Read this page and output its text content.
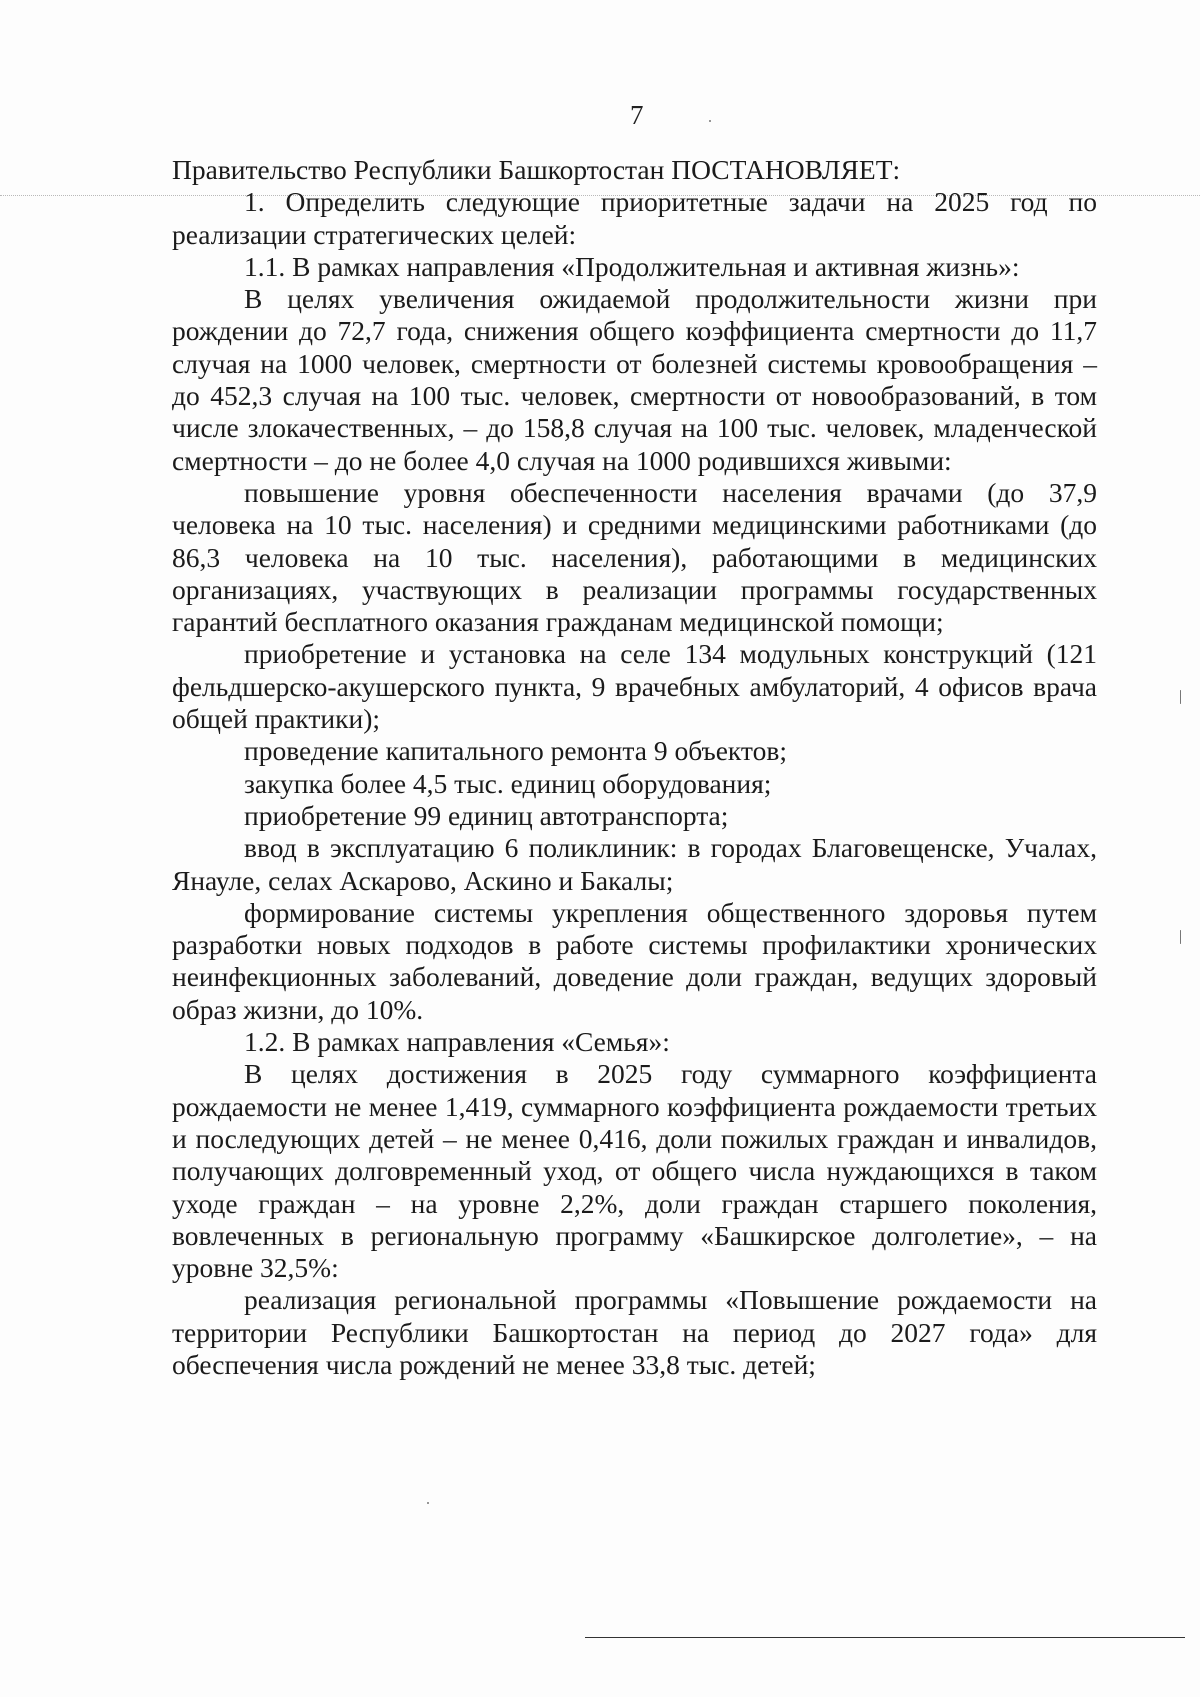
7

Правительство Республики Башкортостан ПОСТАНОВЛЯЕТ:

1. Определить следующие приоритетные задачи на 2025 год по реализации стратегических целей:

1.1. В рамках направления «Продолжительная и активная жизнь»:

В целях увеличения ожидаемой продолжительности жизни при рождении до 72,7 года, снижения общего коэффициента смертности до 11,7 случая на 1000 человек, смертности от болезней системы кровообращения – до 452,3 случая на 100 тыс. человек, смертности от новообразований, в том числе злокачественных, – до 158,8 случая на 100 тыс. человек, младенческой смертности – до не более 4,0 случая на 1000 родившихся живыми:

повышение уровня обеспеченности населения врачами (до 37,9 человека на 10 тыс. населения) и средними медицинскими работниками (до 86,3 человека на 10 тыс. населения), работающими в медицинских организациях, участвующих в реализации программы государственных гарантий бесплатного оказания гражданам медицинской помощи;

приобретение и установка на селе 134 модульных конструкций (121 фельдшерско-акушерского пункта, 9 врачебных амбулаторий, 4 офисов врача общей практики);

проведение капитального ремонта 9 объектов;

закупка более 4,5 тыс. единиц оборудования;

приобретение 99 единиц автотранспорта;

ввод в эксплуатацию 6 поликлиник: в городах Благовещенске, Учалах, Янауле, селах Аскарово, Аскино и Бакалы;

формирование системы укрепления общественного здоровья путем разработки новых подходов в работе системы профилактики хронических неинфекционных заболеваний, доведение доли граждан, ведущих здоровый образ жизни, до 10%.

1.2. В рамках направления «Семья»:

В целях достижения в 2025 году суммарного коэффициента рождаемости не менее 1,419, суммарного коэффициента рождаемости третьих и последующих детей – не менее 0,416, доли пожилых граждан и инвалидов, получающих долговременный уход, от общего числа нуждающихся в таком уходе граждан – на уровне 2,2%, доли граждан старшего поколения, вовлеченных в региональную программу «Башкирское долголетие», – на уровне 32,5%:

реализация региональной программы «Повышение рождаемости на территории Республики Башкортостан на период до 2027 года» для обеспечения числа рождений не менее 33,8 тыс. детей;
